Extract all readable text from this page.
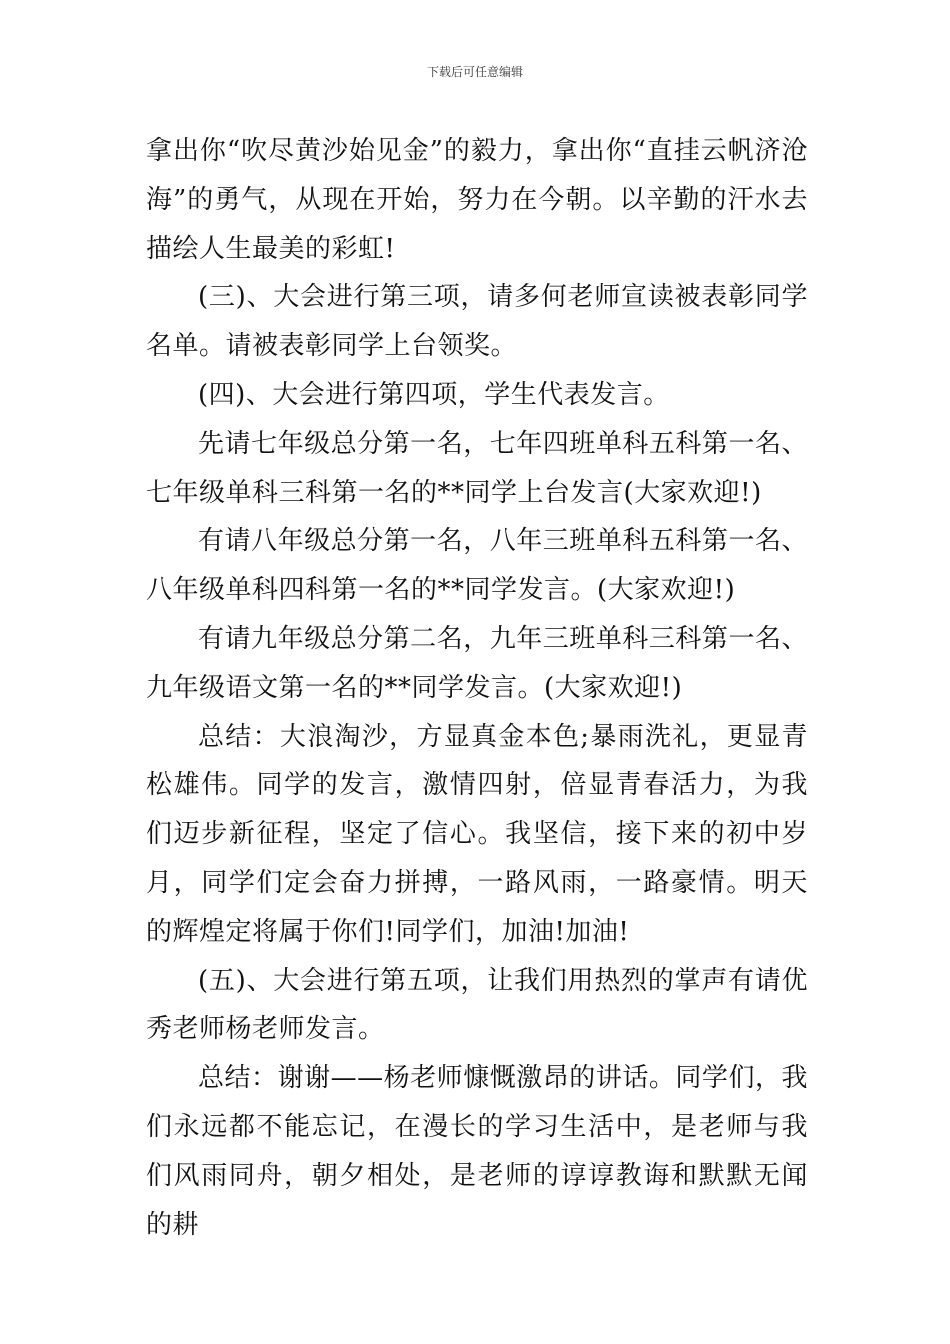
下载后可任意编辑

拿出你“吹尽黄沙始见金”的毅力，拿出你“直挂云帆济沧海”的勇气，从现在开始，努力在今朝。以辛勤的汗水去描绘人生最美的彩虹!

(三)、大会进行第三项，请多何老师宣读被表彰同学名单。请被表彰同学上台领奖。

(四)、大会进行第四项，学生代表发言。

先请七年级总分第一名，七年四班单科五科第一名、七年级单科三科第一名的**同学上台发言(大家欢迎!)

有请八年级总分第一名，八年三班单科五科第一名、八年级单科四科第一名的**同学发言。(大家欢迎!)

有请九年级总分第二名，九年三班单科三科第一名、九年级语文第一名的**同学发言。(大家欢迎!)

总结：大浪淘沙，方显真金本色;暴雨洗礼，更显青松雄伟。同学的发言，激情四射，倍显青春活力，为我们迈步新征程，坚定了信心。我坚信，接下来的初中岁月，同学们定会奋力拼搏，一路风雨，一路豪情。明天的辉煌定将属于你们!同学们，加油!加油!

(五)、大会进行第五项，让我们用热烈的掌声有请优秀老师杨老师发言。

总结：谢谢——杨老师慷慨激昂的讲话。同学们，我们永远都不能忘记，在漫长的学习生活中，是老师与我们风雨同舟，朝夕相处，是老师的谆谆教诲和默默无闻的耕
